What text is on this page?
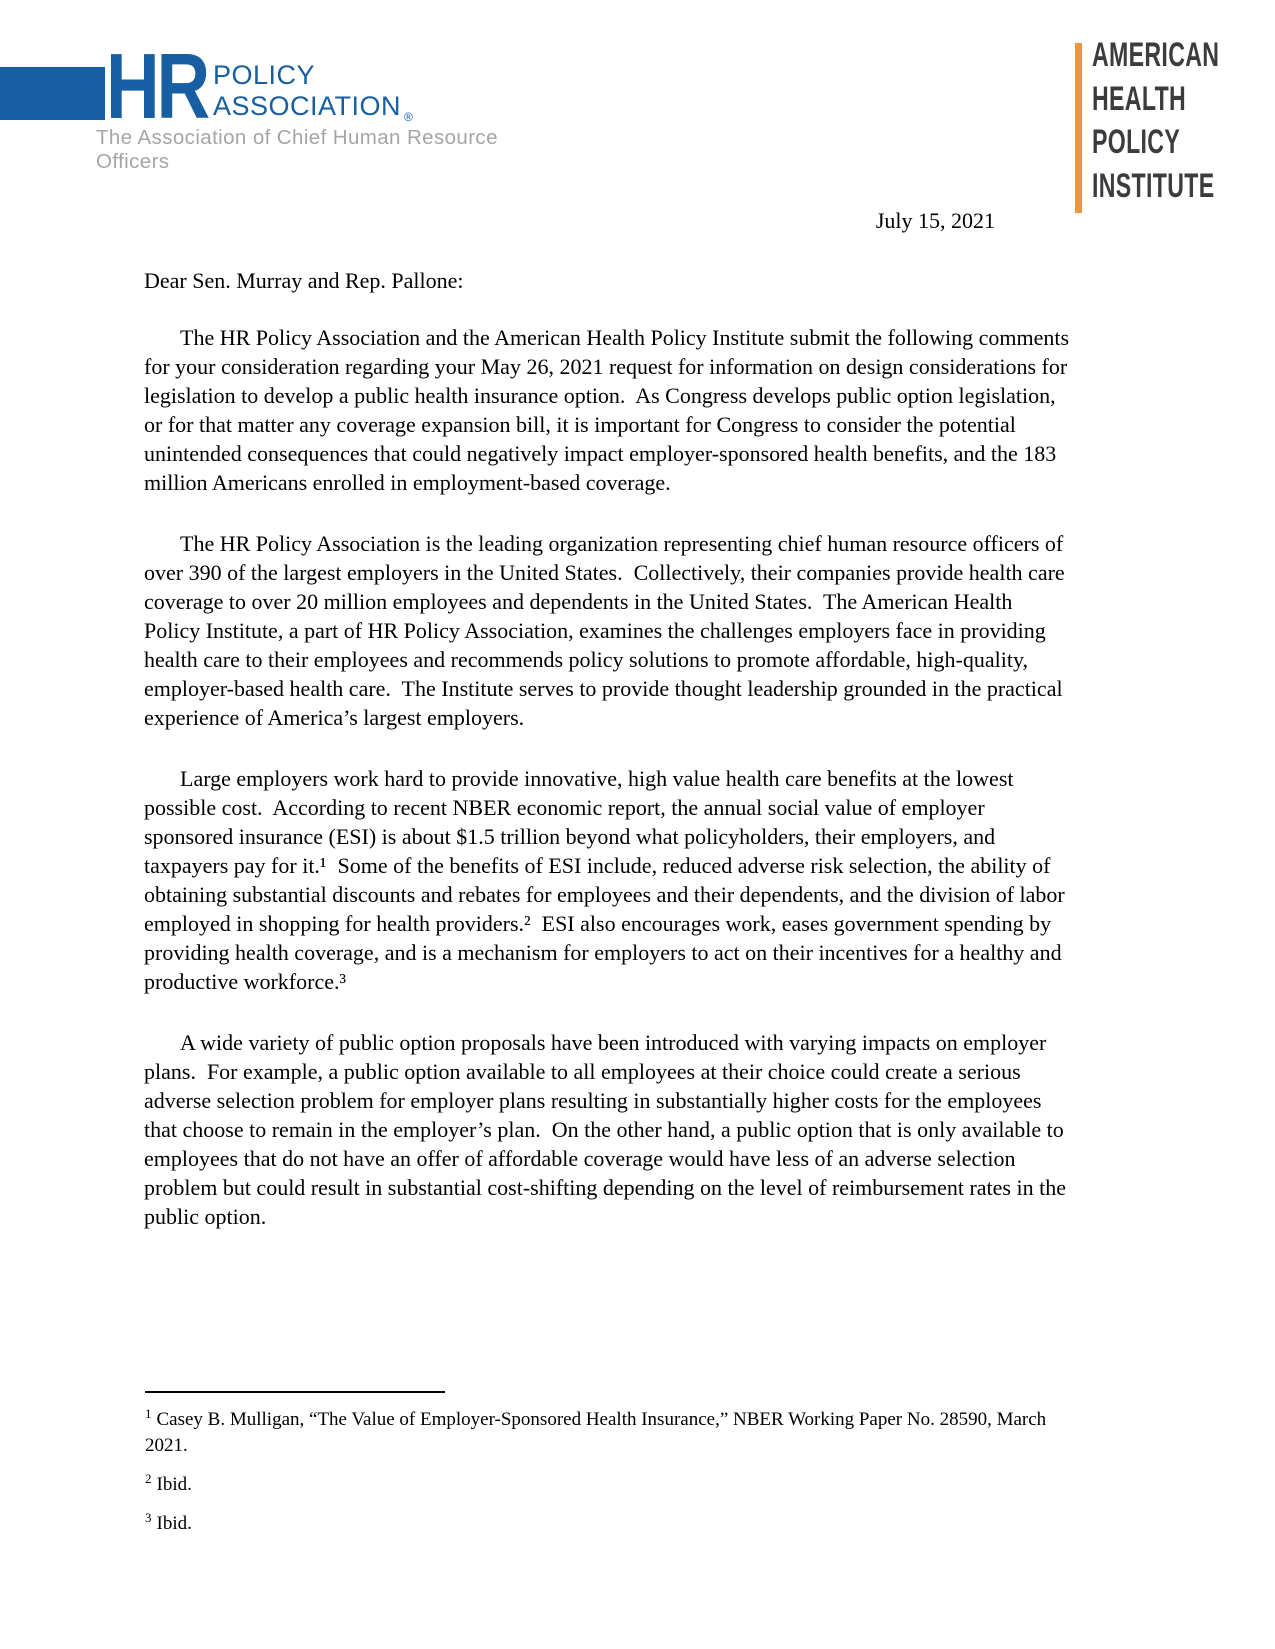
HR POLICY
ASSOCIATION $_®$
The Association of Chief Human Resource Officers
AMERICAN
HEALTH
POLICY
INSTITUTE
July 15, 2021
Dear Sen. Murray and Rep. Pallone:

The HR Policy Association and the American Health Policy Institute submit the following comments for your consideration regarding your May 26, 2021 request for information on design considerations for legislation to develop a public health insurance option.  As Congress develops public option legislation, or for that matter any coverage expansion bill, it is important for Congress to consider the potential unintended consequences that could negatively impact employer-sponsored health benefits, and the 183 million Americans enrolled in employment-based coverage.

The HR Policy Association is the leading organization representing chief human resource officers of over 390 of the largest employers in the United States.  Collectively, their companies provide health care coverage to over 20 million employees and dependents in the United States.  The American Health Policy Institute, a part of HR Policy Association, examines the challenges employers face in providing health care to their employees and recommends policy solutions to promote affordable, high-quality, employer-based health care.  The Institute serves to provide thought leadership grounded in the practical experience of America’s largest employers.

Large employers work hard to provide innovative, high value health care benefits at the lowest possible cost.  According to recent NBER economic report, the annual social value of employer sponsored insurance (ESI) is about $1.5 trillion beyond what policyholders, their employers, and taxpayers pay for it.¹  Some of the benefits of ESI include, reduced adverse risk selection, the ability of obtaining substantial discounts and rebates for employees and their dependents, and the division of labor employed in shopping for health providers.²  ESI also encourages work, eases government spending by providing health coverage, and is a mechanism for employers to act on their incentives for a healthy and productive workforce.³

A wide variety of public option proposals have been introduced with varying impacts on employer plans.  For example, a public option available to all employees at their choice could create a serious adverse selection problem for employer plans resulting in substantially higher costs for the employees that choose to remain in the employer’s plan.  On the other hand, a public option that is only available to employees that do not have an offer of affordable coverage would have less of an adverse selection problem but could result in substantial cost-shifting depending on the level of reimbursement rates in the public option.

$^1$ Casey B. Mulligan, “The Value of Employer-Sponsored Health Insurance,” NBER Working Paper No. 28590, March 2021.
$^2$ Ibid.
$^3$ Ibid.
